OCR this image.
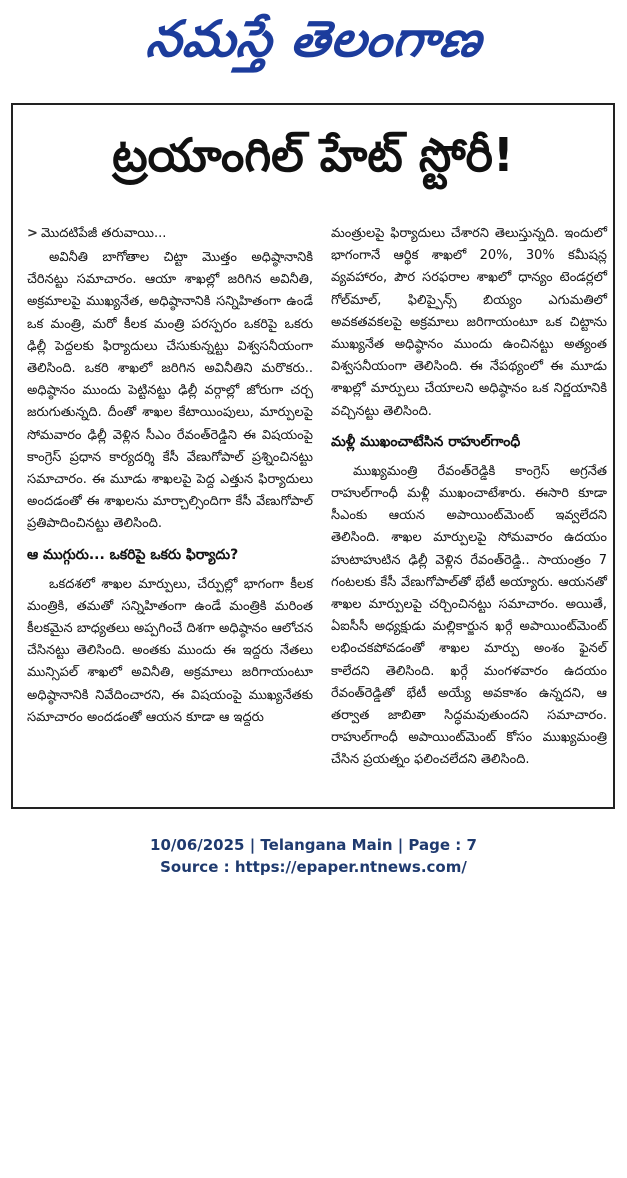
నమస్తే తెలంగాణ
ట్రయాంగిల్ హేట్ స్టోరీ!
> మొదటిపేజీ తరువాయి...

అవినీతి బాగోతాల చిట్టా మొత్తం అధిష్ఠానానికి చేరినట్టు సమాచారం. ఆయా శాఖల్లో జరిగిన అవినీతి, అక్రమాలపై ముఖ్యనేత, అధిష్ఠానానికి సన్నిహితంగా ఉండే ఒక మంత్రి, మరో కీలక మంత్రి పరస్పరం ఒకరిపై ఒకరు ఢిల్లీ పెద్దలకు ఫిర్యాదులు చేసుకున్నట్టు విశ్వసనీయంగా తెలిసింది. ఒకరి శాఖలో జరిగిన అవినీతిని మరొకరు.. అధిష్ఠానం ముందు పెట్టినట్టు ఢిల్లీ వర్గాల్లో జోరుగా చర్చ జరుగుతున్నది. దీంతో శాఖల కేటాయింపులు, మార్పులపై సోమవారం ఢిల్లీ వెళ్లిన సీఎం రేవంత్‌రెడ్డిని ఈ విషయంపై కాంగ్రెస్ ప్రధాన కార్యదర్శి కేసీ వేణుగోపాల్ ప్రశ్నించినట్టు సమాచారం. ఈ మూడు శాఖలపై పెద్ద ఎత్తున ఫిర్యాదులు అందడంతో ఈ శాఖలను మార్చాల్సిందిగా కేసీ వేణుగోపాల్ ప్రతిపాదించినట్టు తెలిసింది.

ఆ ముగ్గురు... ఒకరిపై ఒకరు ఫిర్యాదు?

ఒకదశలో శాఖల మార్పులు, చేర్పుల్లో భాగంగా కీలక మంత్రికి, తమతో సన్నిహితంగా ఉండే మంత్రికి మరింత కీలకమైన బాధ్యతలు అప్పగించే దిశగా అధిష్ఠానం ఆలోచన చేసినట్టు తెలిసింది. అంతకు ముందు ఈ ఇద్దరు నేతలు మున్సిపల్ శాఖలో అవినీతి, అక్రమాలు జరిగాయంటూ అధిష్ఠానానికి నివేదించారని, ఈ విషయంపై ముఖ్యనేతకు సమాచారం అందడంతో ఆయన కూడా ఆ ఇద్దరు

మంత్రులపై ఫిర్యాదులు చేశారని తెలుస్తున్నది. ఇందులో భాగంగానే ఆర్థిక శాఖలో 20%, 30% కమీషన్ల వ్యవహారం, పౌర సరఫరాల శాఖలో ధాన్యం టెండర్లలో గోల్‌మాల్, ఫిలిప్పైన్స్ బియ్యం ఎగుమతిలో అవకతవకలపై అక్రమాలు జరిగాయంటూ ఒక చిట్టాను ముఖ్యనేత అధిష్ఠానం ముందు ఉంచినట్టు అత్యంత విశ్వసనీయంగా తెలిసింది. ఈ నేపథ్యంలో ఈ మూడు శాఖల్లో మార్పులు చేయాలని అధిష్ఠానం ఒక నిర్ణయానికి వచ్చినట్టు తెలిసింది.

మళ్లీ ముఖంచాటేసిన రాహుల్‌గాంధీ

ముఖ్యమంత్రి రేవంత్‌రెడ్డికి కాంగ్రెస్ అగ్రనేత రాహుల్‌గాంధీ మళ్లీ ముఖంచాటేశారు. ఈసారి కూడా సీఎంకు ఆయన అపాయింట్‌మెంట్ ఇవ్వలేదని తెలిసింది. శాఖల మార్పులపై సోమవారం ఉదయం హుటాహుటిన ఢిల్లీ వెళ్లిన రేవంత్‌రెడ్డి.. సాయంత్రం 7 గంటలకు కేసీ వేణుగోపాల్‌తో భేటీ అయ్యారు. ఆయనతో శాఖల మార్పులపై చర్చించినట్టు సమాచారం. అయితే, ఏఐసీసీ అధ్యక్షుడు మల్లికార్జున ఖర్గే అపాయింట్‌మెంట్ లభించకపోవడంతో శాఖల మార్పు అంశం ఫైనల్ కాలేదని తెలిసింది. ఖర్గే మంగళవారం ఉదయం రేవంత్‌రెడ్డితో భేటీ అయ్యే అవకాశం ఉన్నదని, ఆ తర్వాత జాబితా సిద్ధమవుతుందని సమాచారం. రాహుల్‌గాంధీ అపాయింట్‌మెంట్ కోసం ముఖ్యమంత్రి చేసిన ప్రయత్నం ఫలించలేదని తెలిసింది.

10/06/2025 | Telangana Main | Page : 7
Source : https://epaper.ntnews.com/
